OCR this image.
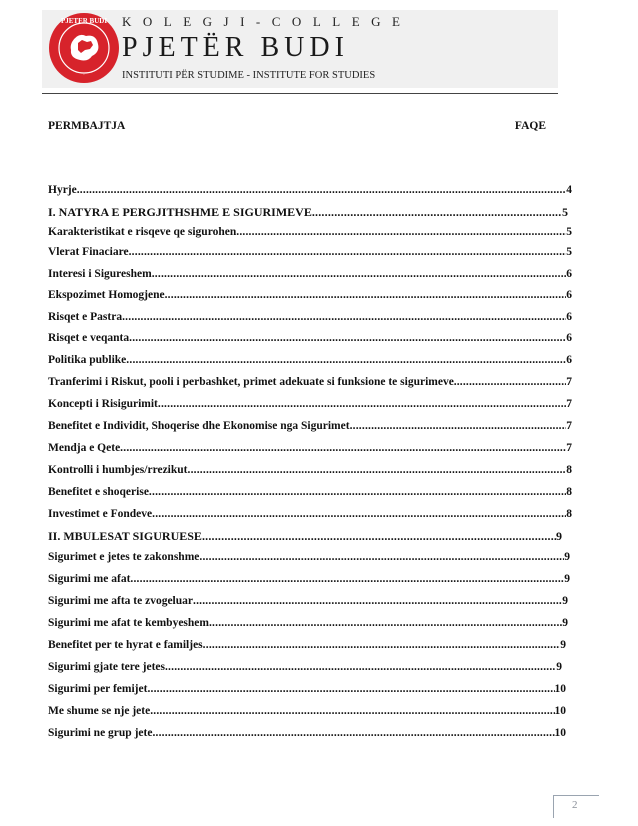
PJETER BUDI
·
KOLEGJI-COLLEGE
PJETËR BUDI
INSTITUTI PËR STUDIME - INSTITUTE FOR STUDIES
PERMBAJTJA	FAQE
Hyrje .....	4
I. NATYRA E PERGJITHSHME E SIGURIMEVE .....	5
Karakteristikat e risqeve qe sigurohen .....	5
Vlerat Finaciare .....	5
Interesi i Sigureshem .....	6
Ekspozimet Homogjene .....	6
Risqet e Pastra .....	6
Risqet e veqanta .....	6
Politika publike .....	6
Tranferimi i Riskut, pooli i perbashket, primet adekuate si funksione te sigurimeve. .....	7
Koncepti i Risigurimit .....	7
Benefitet e Individit, Shoqerise dhe Ekonomise nga Sigurimet .....	7
Mendja e Qete .....	7
Kontrolli i humbjes/rrezikut .....	8
Benefitet e shoqerise .....	8
Investimet e Fondeve .....	8
II. MBULESAT SIGURUESE .....	9
Sigurimet e jetes te zakonshme .....	9
Sigurimi me afat .....	9
Sigurimi me afta te zvogeluar .....	9
Sigurimi me afat te kembyeshem .....	9
Benefitet per te hyrat e familjes .....	9
Sigurimi gjate tere jetes .....	9
Sigurimi per femijet .....	10
Me shume se nje jete .....	10
Sigurimi ne grup jete .....	10
2
